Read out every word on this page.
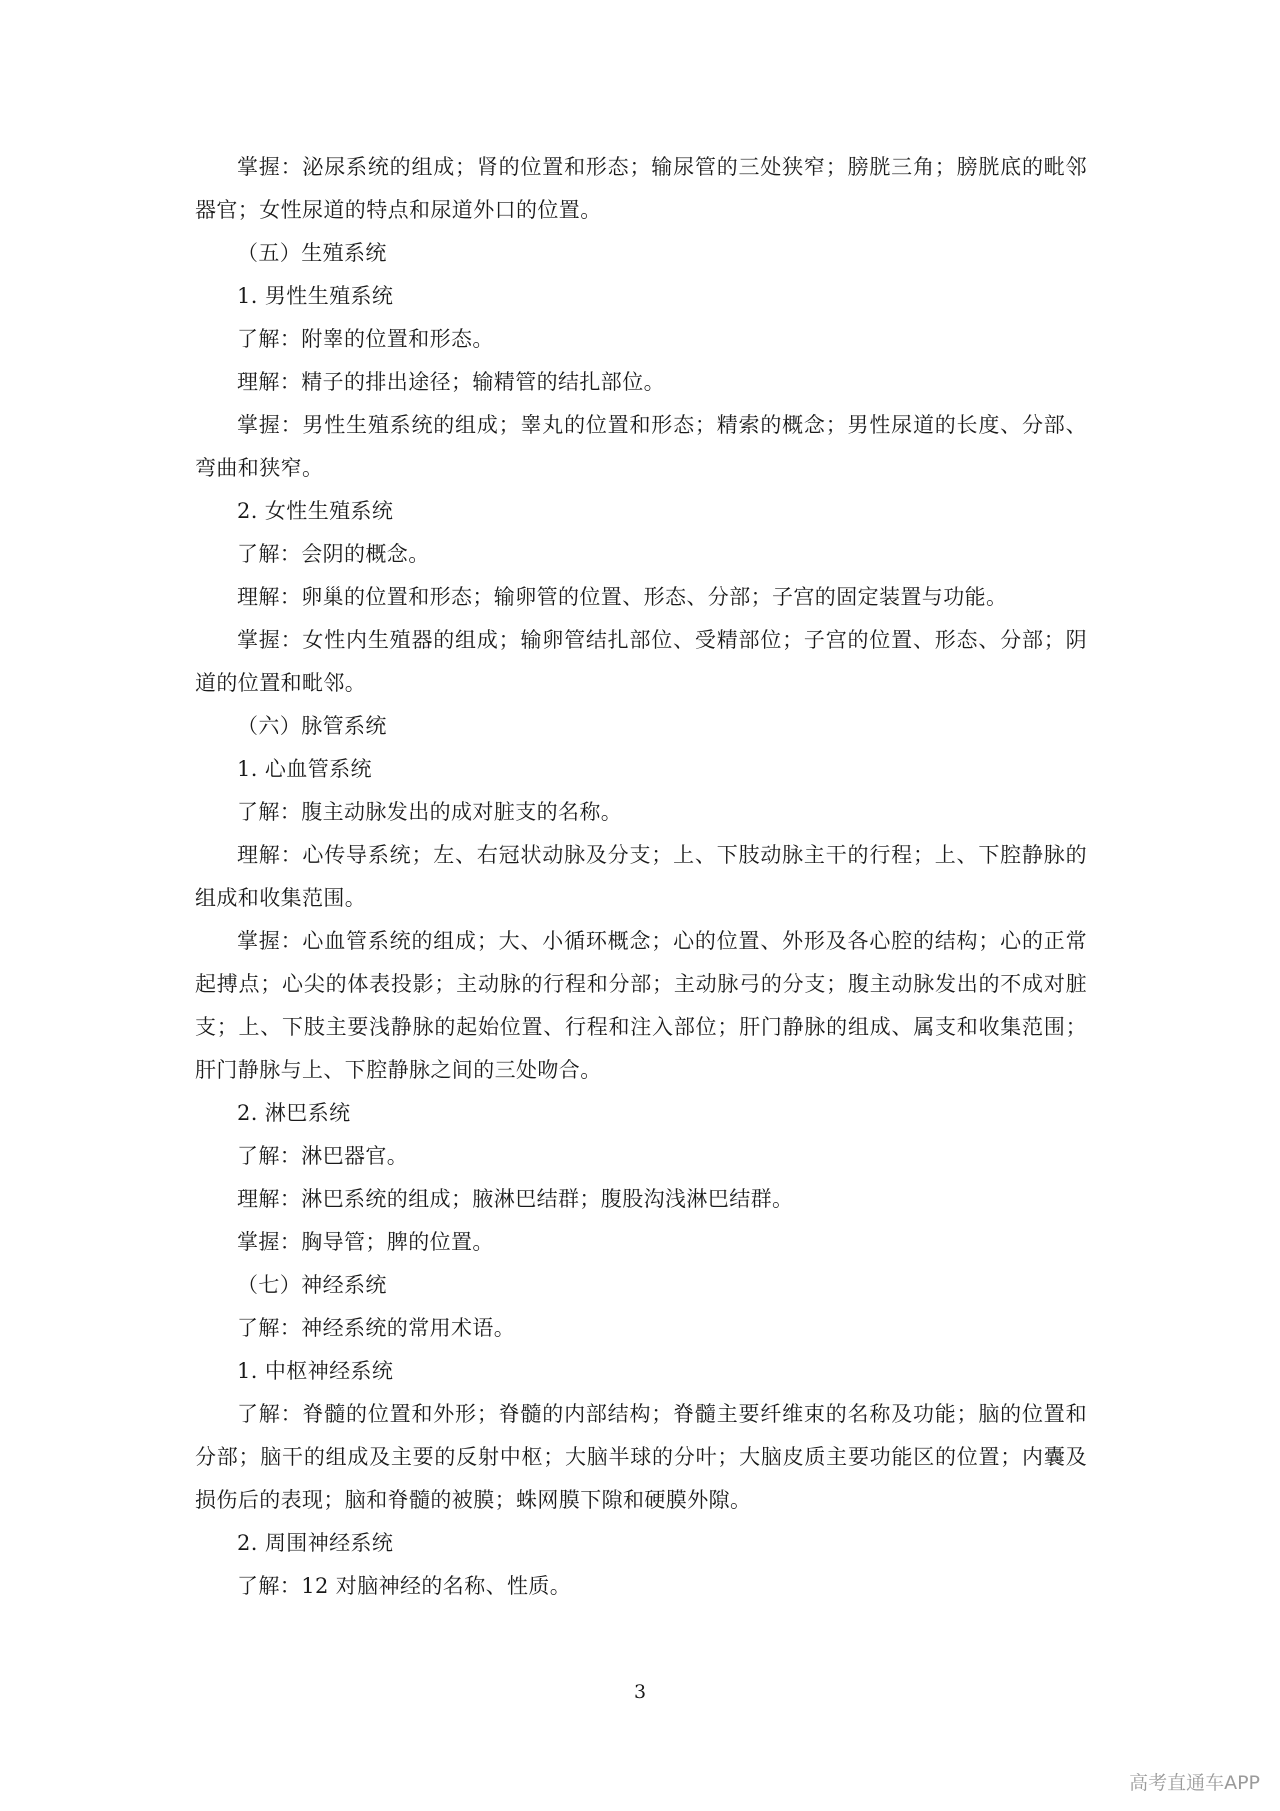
掌握：泌尿系统的组成；肾的位置和形态；输尿管的三处狭窄；膀胱三角；膀胱底的毗邻器官；女性尿道的特点和尿道外口的位置。

（五）生殖系统

1. 男性生殖系统

了解：附睾的位置和形态。

理解：精子的排出途径；输精管的结扎部位。

掌握：男性生殖系统的组成；睾丸的位置和形态；精索的概念；男性尿道的长度、分部、弯曲和狭窄。

2. 女性生殖系统

了解：会阴的概念。

理解：卵巢的位置和形态；输卵管的位置、形态、分部；子宫的固定装置与功能。

掌握：女性内生殖器的组成；输卵管结扎部位、受精部位；子宫的位置、形态、分部；阴道的位置和毗邻。

（六）脉管系统

1. 心血管系统

了解：腹主动脉发出的成对脏支的名称。

理解：心传导系统；左、右冠状动脉及分支；上、下肢动脉主干的行程；上、下腔静脉的组成和收集范围。

掌握：心血管系统的组成；大、小循环概念；心的位置、外形及各心腔的结构；心的正常起搏点；心尖的体表投影；主动脉的行程和分部；主动脉弓的分支；腹主动脉发出的不成对脏支；上、下肢主要浅静脉的起始位置、行程和注入部位；肝门静脉的组成、属支和收集范围；肝门静脉与上、下腔静脉之间的三处吻合。

2. 淋巴系统

了解：淋巴器官。

理解：淋巴系统的组成；腋淋巴结群；腹股沟浅淋巴结群。

掌握：胸导管；脾的位置。

（七）神经系统

了解：神经系统的常用术语。

1. 中枢神经系统

了解：脊髓的位置和外形；脊髓的内部结构；脊髓主要纤维束的名称及功能；脑的位置和分部；脑干的组成及主要的反射中枢；大脑半球的分叶；大脑皮质主要功能区的位置；内囊及损伤后的表现；脑和脊髓的被膜；蛛网膜下隙和硬膜外隙。

2. 周围神经系统

了解：12 对脑神经的名称、性质。

3
高考直通车APP
